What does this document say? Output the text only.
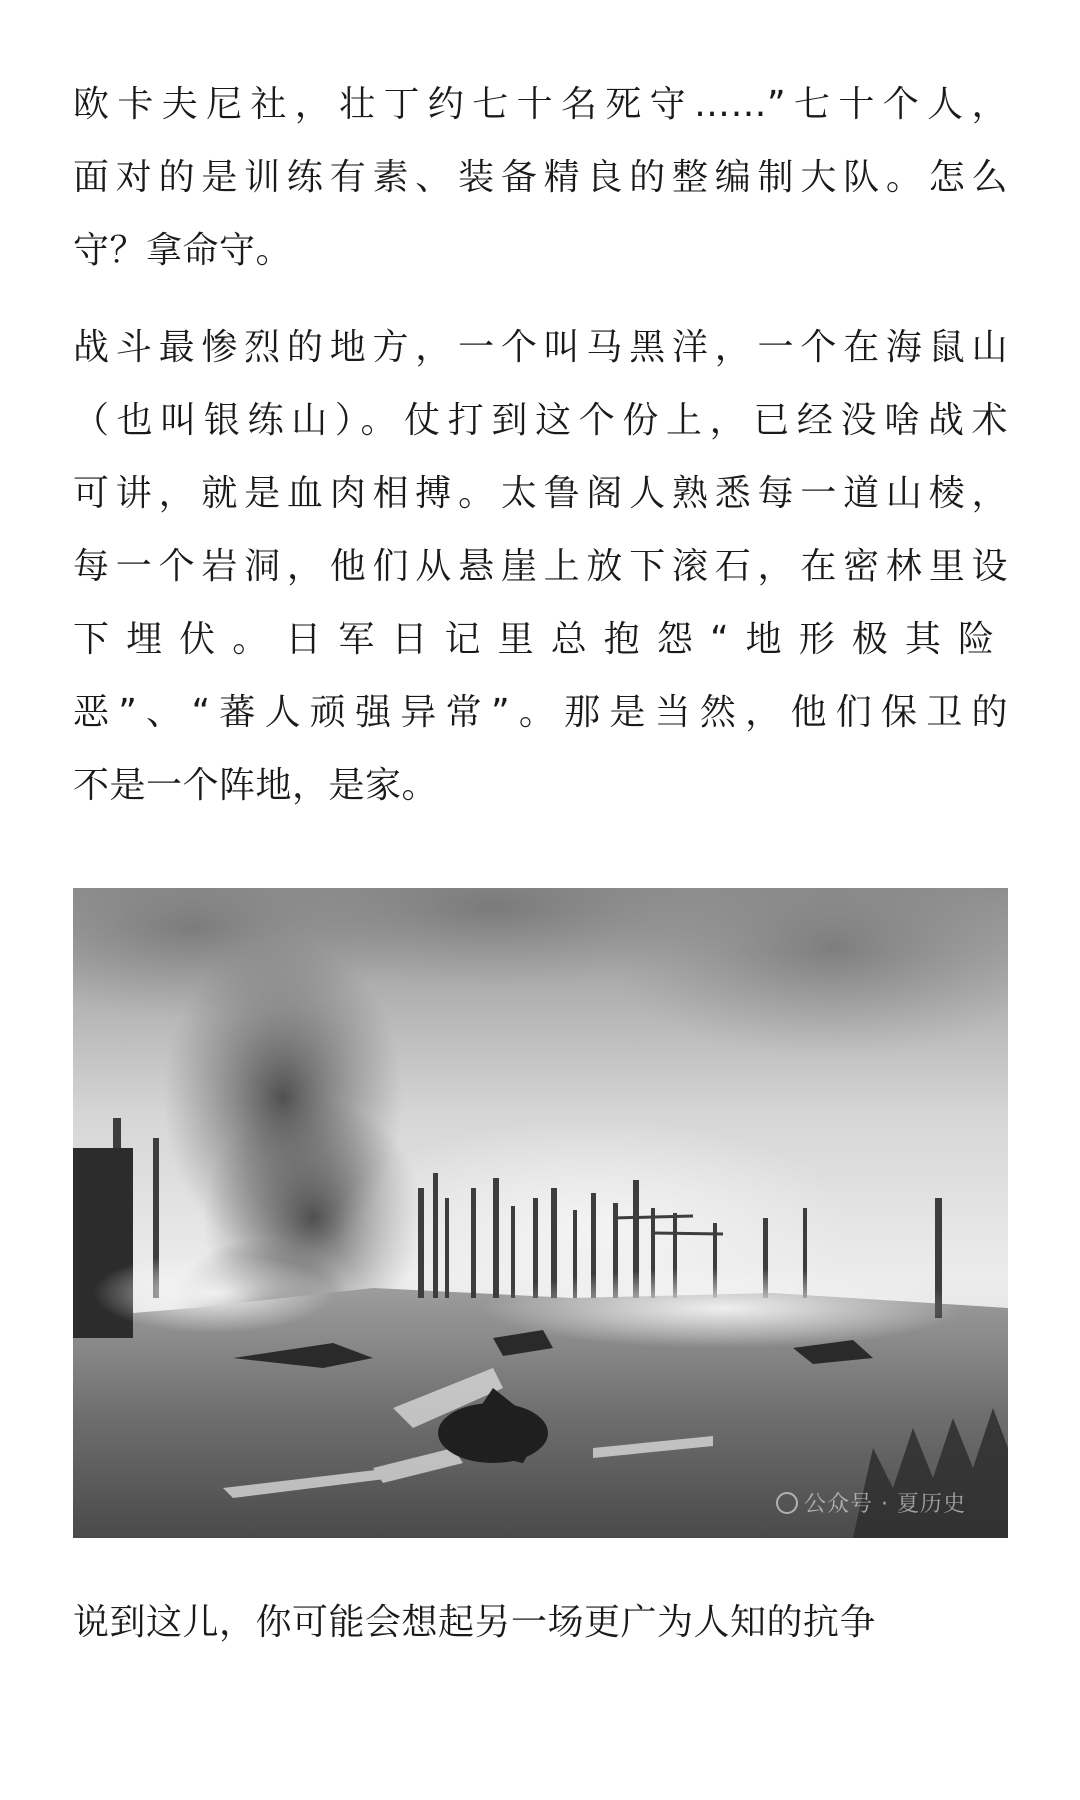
欧卡夫尼社，壮丁约七十名死守……”七十个人，
面对的是训练有素、装备精良的整编制大队。怎么
守？拿命守。

战斗最惨烈的地方，一个叫马黑洋，一个在海鼠山
（也叫银练山）。仗打到这个份上，已经没啥战术
可讲，就是血肉相搏。太鲁阁人熟悉每一道山棱，
每一个岩洞，他们从悬崖上放下滚石，在密林里设
下埋伏。日军日记里总抱怨“地形极其险
恶”、“蕃人顽强异常”。那是当然，他们保卫的
不是一个阵地，是家。

公众号 · 夏历史

说到这儿，你可能会想起另一场更广为人知的抗争
